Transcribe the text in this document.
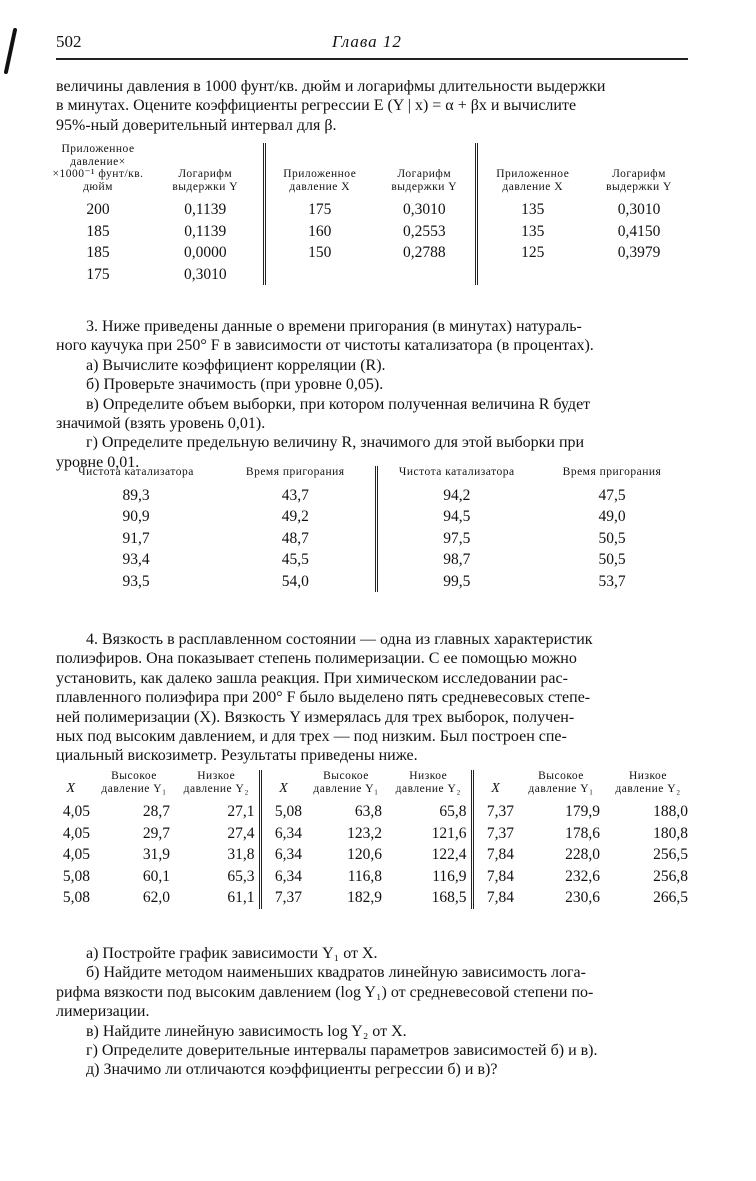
502	Глава 12
величины давления в 1000 фунт/кв. дюйм и логарифмы длительности выдержки
в минутах. Оцените коэффициенты регрессии E (Y | x) = α + βx и вычислите
95%-ный доверительный интервал для β.
Приложенное давление× ×1000⁻¹ фунт/кв. дюйм	Логарифм выдержки Y	Приложенное давление X	Логарифм выдержки Y	Приложенное давление X	Логарифм выдержки Y
200	0,1139	175	0,3010	135	0,3010
185	0,1139	160	0,2553	135	0,4150
185	0,0000	150	0,2788	125	0,3979
175	0,3010				
3. Ниже приведены данные о времени пригорания (в минутах) натураль-
ного каучука при 250° F в зависимости от чистоты катализатора (в процентах).
а) Вычислите коэффициент корреляции (R).
б) Проверьте значимость (при уровне 0,05).
в) Определите объем выборки, при котором полученная величина R будет
значимой (взять уровень 0,01).
г) Определите предельную величину R, значимого для этой выборки при
уровне 0,01.
Чистота катализатора	Время пригорания	Чистота катализатора	Время пригорания
89,3	43,7	94,2	47,5
90,9	49,2	94,5	49,0
91,7	48,7	97,5	50,5
93,4	45,5	98,7	50,5
93,5	54,0	99,5	53,7
4. Вязкость в расплавленном состоянии — одна из главных характеристик
полиэфиров. Она показывает степень полимеризации. С ее помощью можно
установить, как далеко зашла реакция. При химическом исследовании рас-
плавленного полиэфира при 200° F было выделено пять средневесовых степе-
ней полимеризации (X). Вязкость Y измерялась для трех выборок, получен-
ных под высоким давлением, и для трех — под низким. Был построен спе-
циальный вискозиметр. Результаты приведены ниже.
X	Высокое давление Y₁	Низкое давление Y₂	X	Высокое давление Y₁	Низкое давление Y₂	X	Высокое давление Y₁	Низкое давление Y₂
4,05	28,7	27,1	5,08	63,8	65,8	7,37	179,9	188,0
4,05	29,7	27,4	6,34	123,2	121,6	7,37	178,6	180,8
4,05	31,9	31,8	6,34	120,6	122,4	7,84	228,0	256,5
5,08	60,1	65,3	6,34	116,8	116,9	7,84	232,6	256,8
5,08	62,0	61,1	7,37	182,9	168,5	7,84	230,6	266,5
а) Постройте график зависимости Y₁ от X.
б) Найдите методом наименьших квадратов линейную зависимость лога-
рифма вязкости под высоким давлением (log Y₁) от средневесовой степени по-
лимеризации.
в) Найдите линейную зависимость log Y₂ от X.
г) Определите доверительные интервалы параметров зависимостей б) и в).
д) Значимо ли отличаются коэффициенты регрессии б) и в)?
